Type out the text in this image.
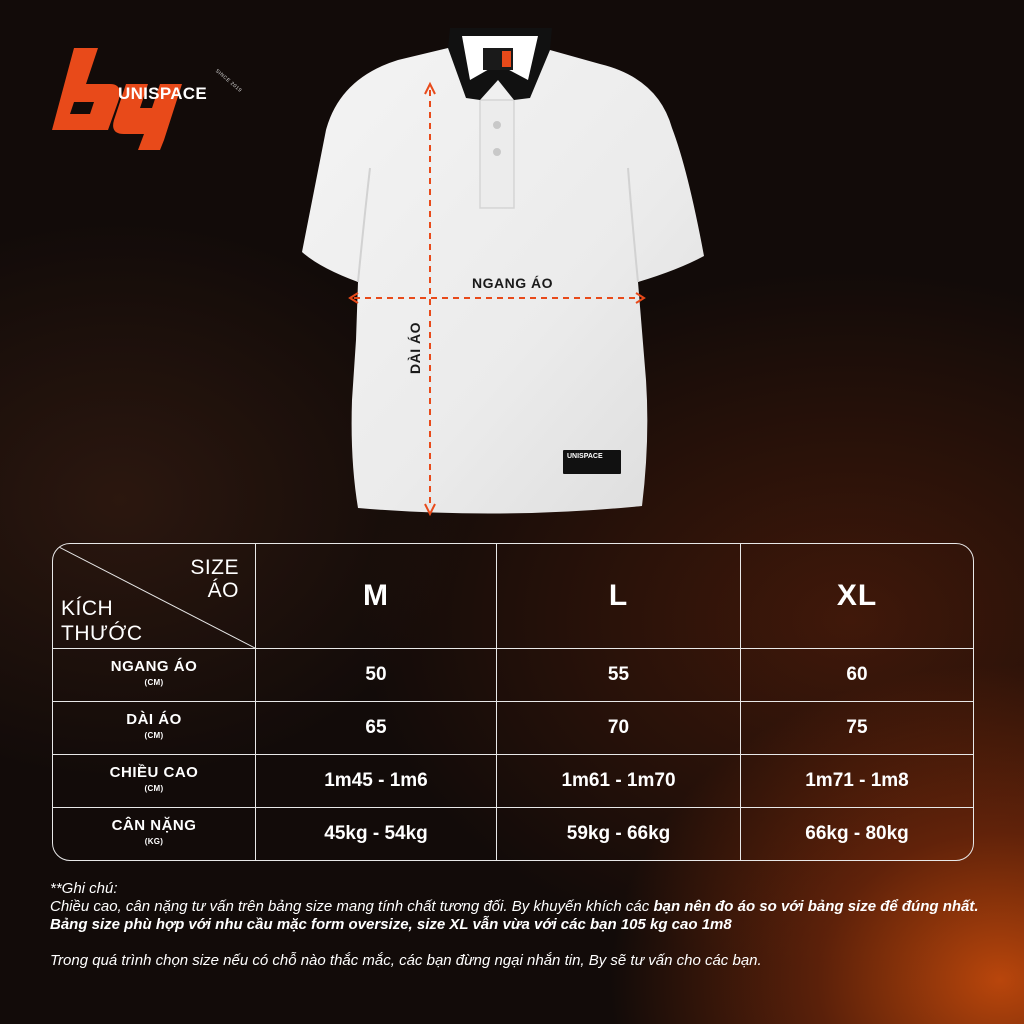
UNISPACE SINCE 2019
NGANG ÁO
DÀI ÁO
UNISPACE
SIZE
ÁO
KÍCH
THƯỚC	M	L	XL
NGANG ÁO
(CM)	50	55	60
DÀI ÁO
(CM)	65	70	75
CHIỀU CAO
(CM)	1m45 - 1m6	1m61 - 1m70	1m71 - 1m8
CÂN NẶNG
(KG)	45kg - 54kg	59kg - 66kg	66kg - 80kg

**Ghi chú:

Chiều cao, cân nặng tư vấn trên bảng size mang tính chất tương đối. By khuyến khích các bạn nên đo áo so với bảng size để đúng nhất. Bảng size phù hợp với nhu cầu mặc form oversize, size XL vẫn vừa với các bạn 105 kg cao 1m8

Trong quá trình chọn size nếu có chỗ nào thắc mắc, các bạn đừng ngại nhắn tin, By sẽ tư vấn cho các bạn.
